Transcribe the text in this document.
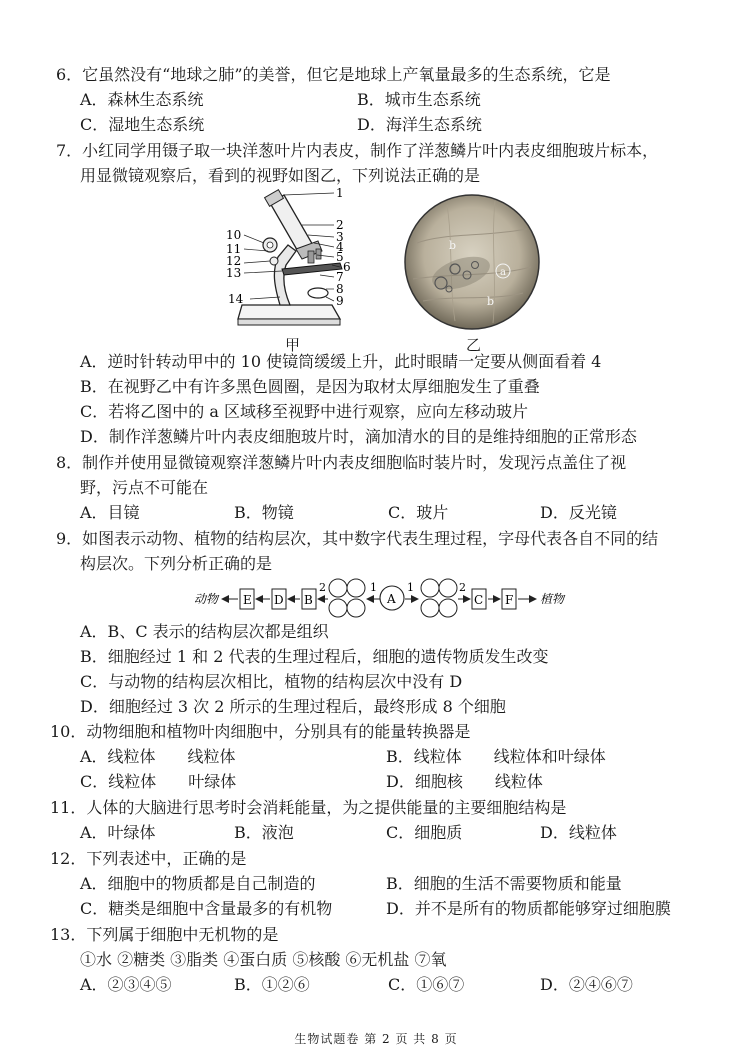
6．它虽然没有“地球之肺”的美誉，但它是地球上产氧量最多的生态系统，它是
A．森林生态系统	B．城市生态系统
C．湿地生态系统	D．海洋生态系统
7．小红同学用镊子取一块洋葱叶片内表皮，制作了洋葱鳞片叶内表皮细胞玻片标本，
用显微镜观察后，看到的视野如图乙，下列说法正确的是
1
2
3
4
5
6
7
8
9
10
11
12
13
14
甲
b
a
b
乙
A．逆时针转动甲中的 10 使镜筒缓缓上升，此时眼睛一定要从侧面看着 4
B．在视野乙中有许多黑色圆圈，是因为取材太厚细胞发生了重叠
C．若将乙图中的 a 区域移至视野中进行观察，应向左移动玻片
D．制作洋葱鳞片叶内表皮细胞玻片时，滴加清水的目的是维持细胞的正常形态
8．制作并使用显微镜观察洋葱鳞片叶内表皮细胞临时装片时，发现污点盖住了视
野，污点不可能在
A．目镜	B．物镜	C．玻片	D．反光镜
9．如图表示动物、植物的结构层次，其中数字代表生理过程，字母代表各自不同的结
构层次。下列分析正确的是
动物 E D B
2	1
A
1	2
C F 植物
A．B、C 表示的结构层次都是组织
B．细胞经过 1 和 2 代表的生理过程后，细胞的遗传物质发生改变
C．与动物的结构层次相比，植物的结构层次中没有 D
D．细胞经过 3 次 2 所示的生理过程后，最终形成 8 个细胞
10．动物细胞和植物叶肉细胞中，分别具有的能量转换器是
A．线粒体　　线粒体	B．线粒体　　线粒体和叶绿体
C．线粒体　　叶绿体	D．细胞核　　线粒体
11．人体的大脑进行思考时会消耗能量，为之提供能量的主要细胞结构是
A．叶绿体	B．液泡	C．细胞质	D．线粒体
12．下列表述中，正确的是
A．细胞中的物质都是自己制造的	B．细胞的生活不需要物质和能量
C．糖类是细胞中含量最多的有机物	D．并不是所有的物质都能够穿过细胞膜
13．下列属于细胞中无机物的是
①水 ②糖类 ③脂类 ④蛋白质 ⑤核酸 ⑥无机盐 ⑦氧
A．②③④⑤	B．①②⑥	C．①⑥⑦	D．②④⑥⑦
生物试题卷 第 2 页 共 8 页
